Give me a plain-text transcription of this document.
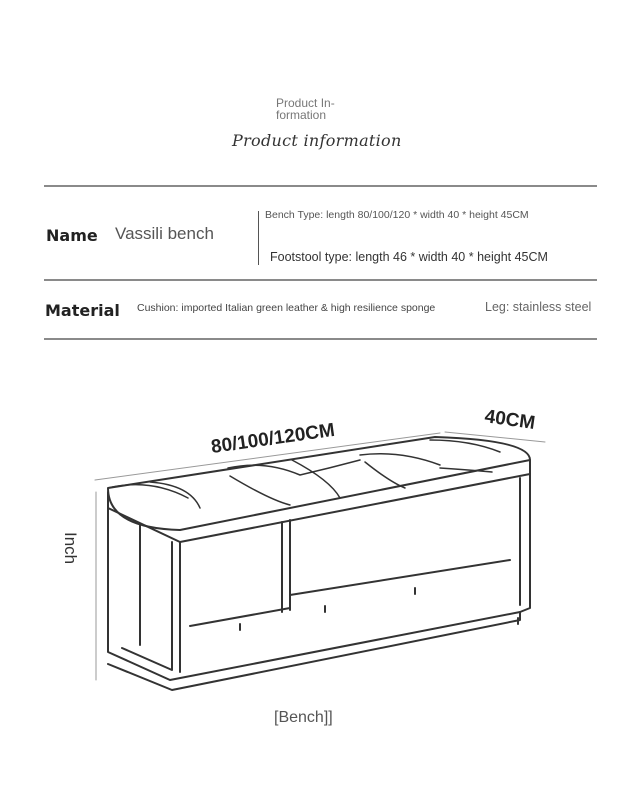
Product In-formation
Product information
Name Vassili bench
Bench Type: length 80/100/120 * width 40 * height 45CM
Footstool type: length 46 * width 40 * height 45CM
Material Cushion: imported Italian green leather & high resilience sponge	Leg: stainless steel
80/100/120CM	40CM
Inch
[Bench]]
